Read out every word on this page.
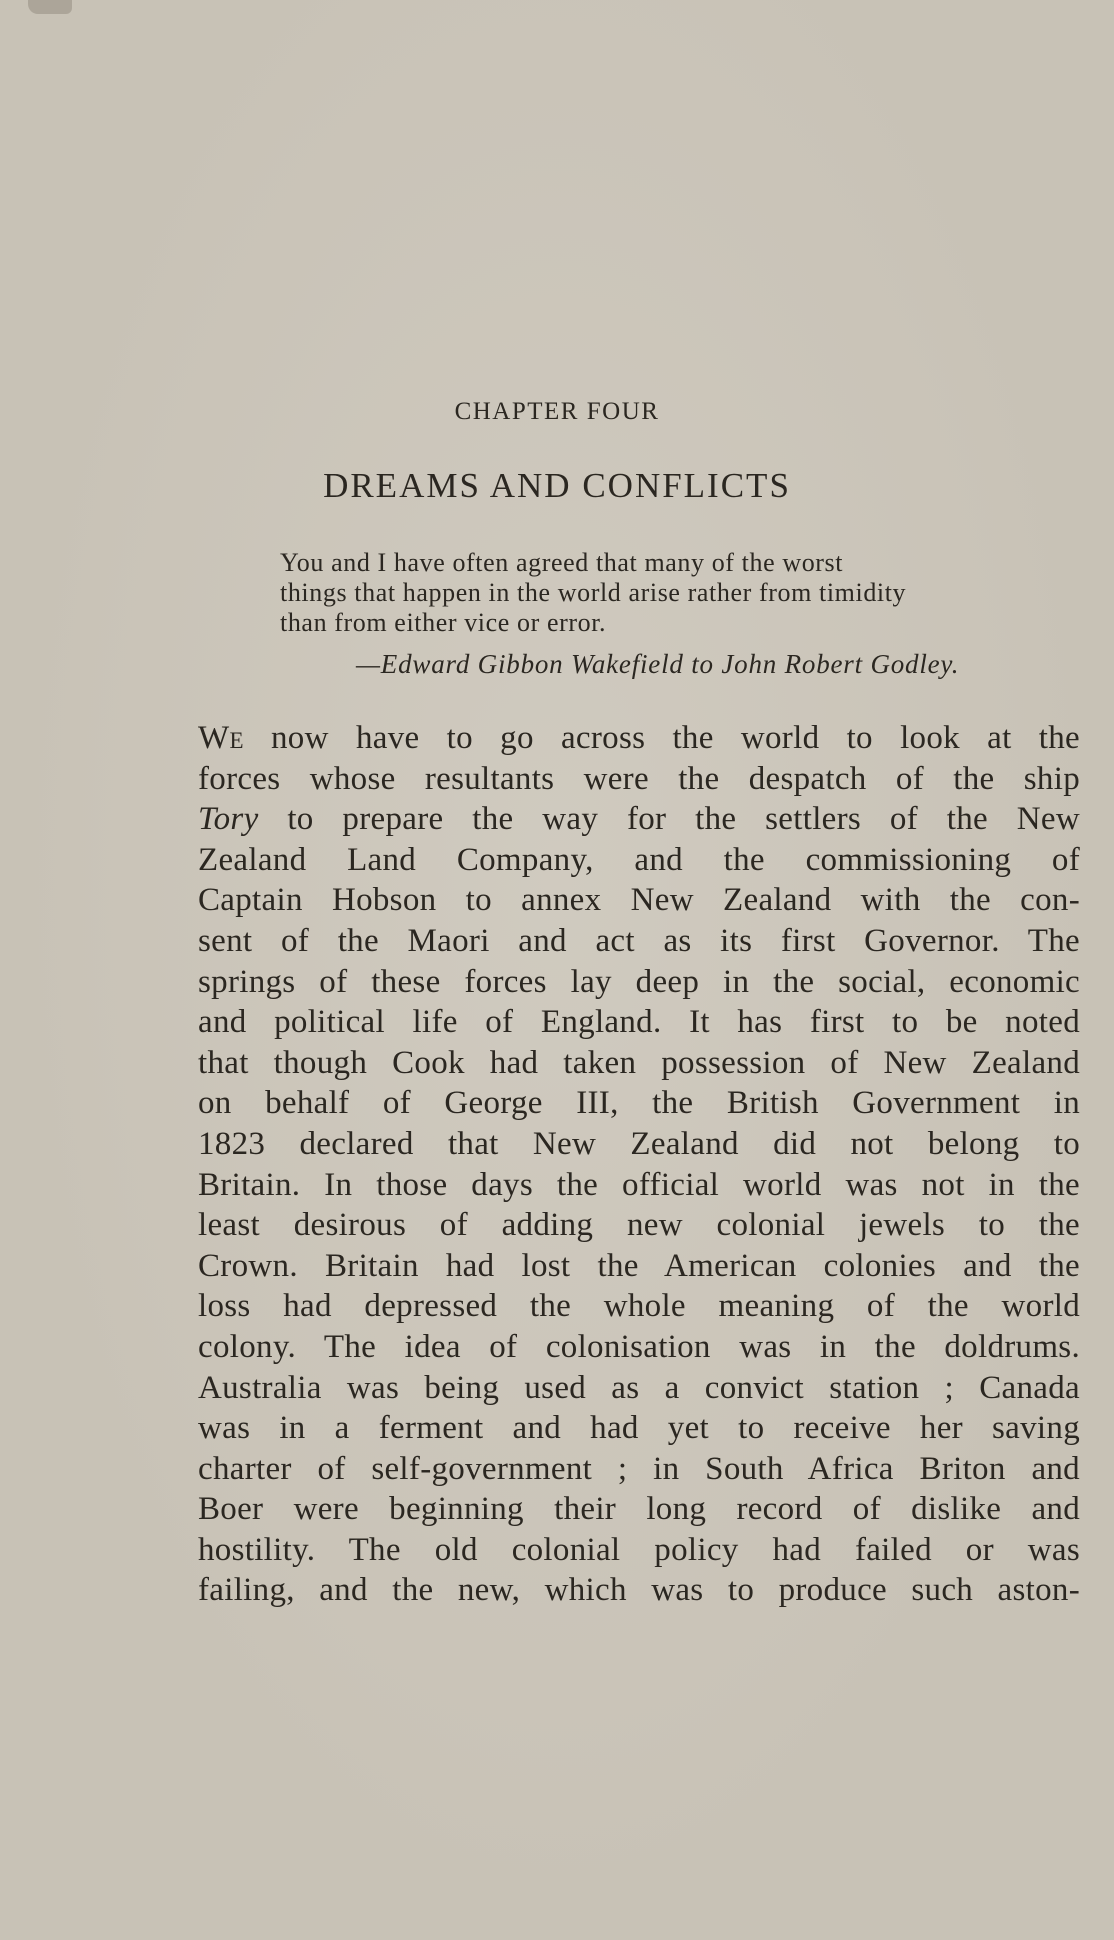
CHAPTER FOUR
DREAMS AND CONFLICTS
You and I have often agreed that many of the worst
things that happen in the world arise rather from timidity
than from either vice or error.
—Edward Gibbon Wakefield to John Robert Godley.
We now have to go across the world to look at the
forces whose resultants were the despatch of the ship
Tory to prepare the way for the settlers of the New
Zealand Land Company, and the commissioning of
Captain Hobson to annex New Zealand with the con-
sent of the Maori and act as its first Governor. The
springs of these forces lay deep in the social, economic
and political life of England. It has first to be noted
that though Cook had taken possession of New Zealand
on behalf of George III, the British Government in
1823 declared that New Zealand did not belong to
Britain. In those days the official world was not in the
least desirous of adding new colonial jewels to the
Crown. Britain had lost the American colonies and the
loss had depressed the whole meaning of the world
colony. The idea of colonisation was in the doldrums.
Australia was being used as a convict station ; Canada
was in a ferment and had yet to receive her saving
charter of self-government ; in South Africa Briton and
Boer were beginning their long record of dislike and
hostility. The old colonial policy had failed or was
failing, and the new, which was to produce such aston-
